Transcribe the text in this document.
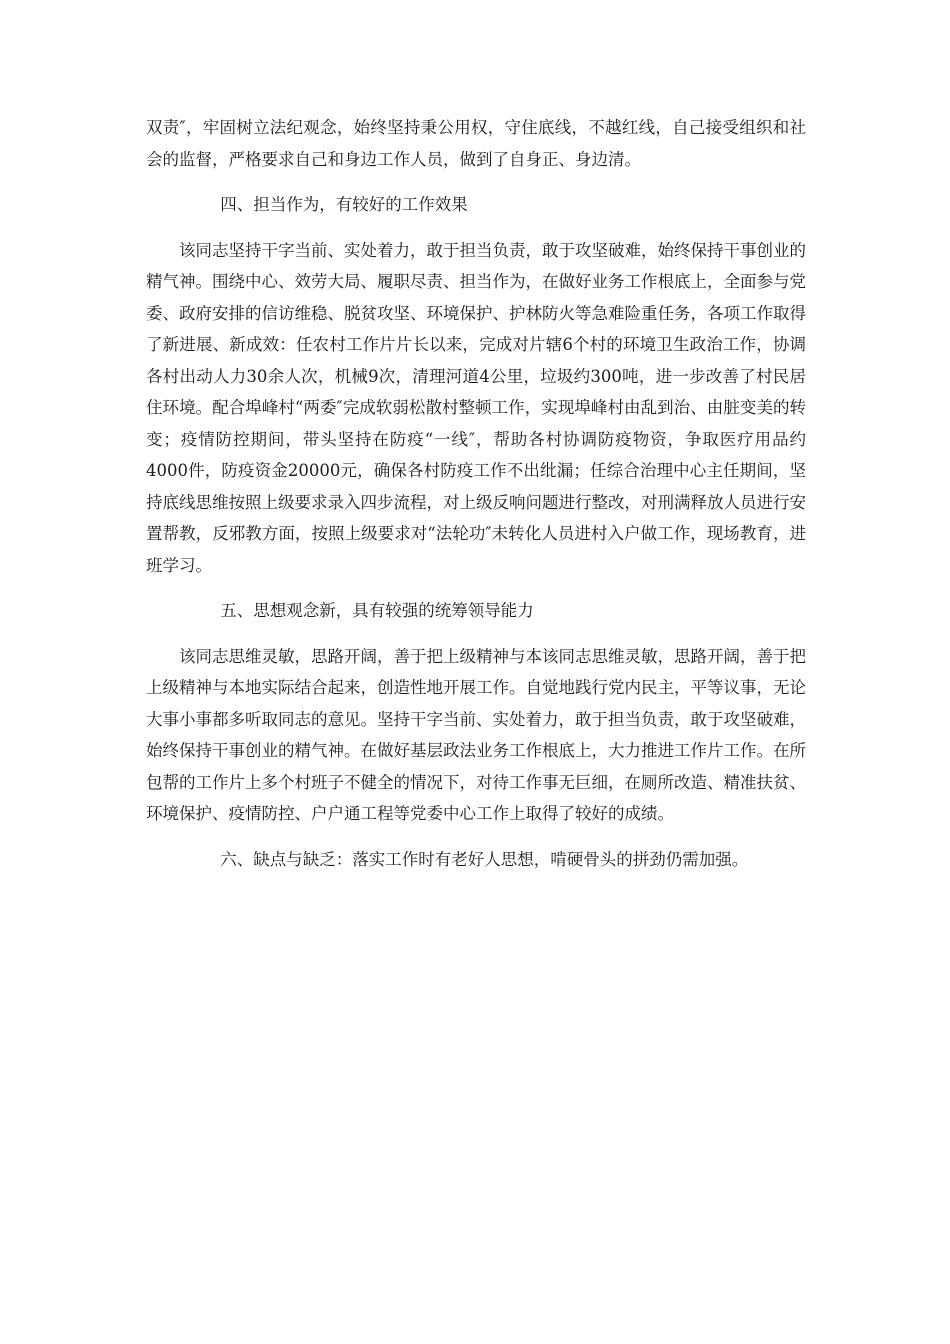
双责″，牢固树立法纪观念，始终坚持秉公用权，守住底线，不越红线，自己接受组织和社会的监督，严格要求自己和身边工作人员，做到了自身正、身边清。

四、担当作为，有较好的工作效果

该同志坚持干字当前、实处着力，敢于担当负责，敢于攻坚破难，始终保持干事创业的精气神。围绕中心、效劳大局、履职尽责、担当作为，在做好业务工作根底上，全面参与党委、政府安排的信访维稳、脱贫攻坚、环境保护、护林防火等急难险重任务，各项工作取得了新进展、新成效：任农村工作片片长以来，完成对片辖6个村的环境卫生政治工作，协调各村出动人力30余人次，机械9次，清理河道4公里，垃圾约300吨，进一步改善了村民居住环境。配合埠峰村“两委″完成软弱松散村整顿工作，实现埠峰村由乱到治、由脏变美的转变；疫情防控期间，带头坚持在防疫“一线″，帮助各村协调防疫物资，争取医疗用品约4000件，防疫资金20000元，确保各村防疫工作不出纰漏；任综合治理中心主任期间，坚持底线思维按照上级要求录入四步流程，对上级反响问题进行整改，对刑满释放人员进行安置帮教，反邪教方面，按照上级要求对“法轮功″未转化人员进村入户做工作，现场教育，进班学习。

五、思想观念新，具有较强的统筹领导能力

该同志思维灵敏，思路开阔，善于把上级精神与本该同志思维灵敏，思路开阔，善于把上级精神与本地实际结合起来，创造性地开展工作。自觉地践行党内民主，平等议事，无论大事小事都多听取同志的意见。坚持干字当前、实处着力，敢于担当负责，敢于攻坚破难，始终保持干事创业的精气神。在做好基层政法业务工作根底上，大力推进工作片工作。在所包帮的工作片上多个村班子不健全的情况下，对待工作事无巨细，在厕所改造、精准扶贫、环境保护、疫情防控、户户通工程等党委中心工作上取得了较好的成绩。

六、缺点与缺乏：落实工作时有老好人思想，啃硬骨头的拼劲仍需加强。
